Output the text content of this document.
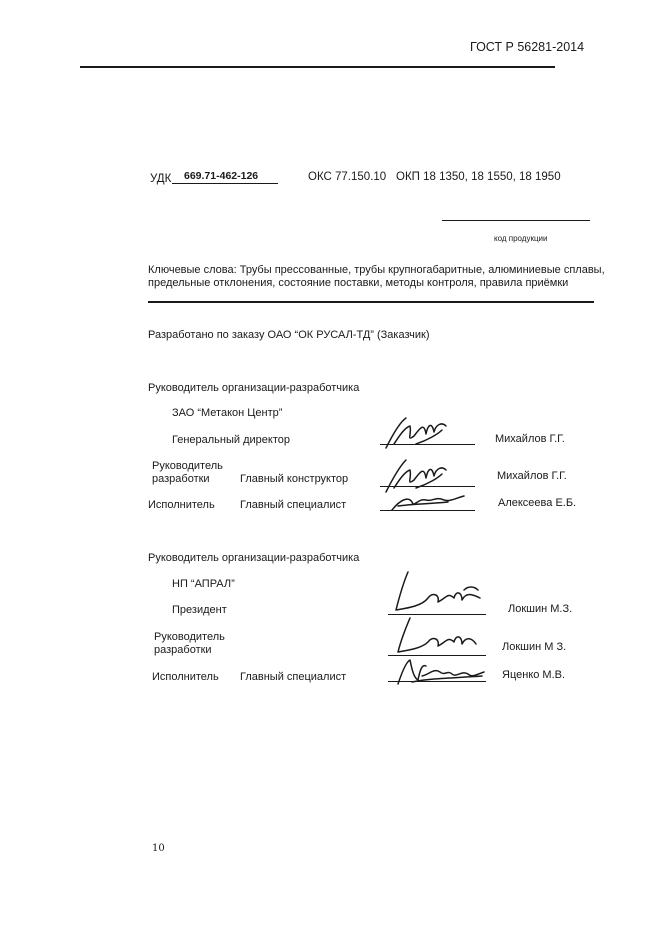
ГОСТ Р 56281-2014
УДК 669.71-462-126	ОКС 77.150.10 ОКП 18 1350, 18 1550, 18 1950
код продукции
Ключевые слова: Трубы прессованные, трубы крупногабаритные, алюминиевые сплавы,
предельные отклонения, состояние поставки, методы контроля, правила приёмки
Разработано по заказу ОАО “ОК РУСАЛ-ТД” (Заказчик)
Руководитель организации-разработчика
ЗАО “Метакон Центр”
Генеральный директор	Михайлов Г.Г.
Руководитель
разработки	Главный конструктор	Михайлов Г.Г.
Исполнитель Главный специалист	Алексеева Е.Б.
Руководитель организации-разработчика
НП “АПРАЛ”
Президент	Локшин М.З.
Руководитель
разработки	Локшин М З.
Исполнитель Главный специалист	Яценко М.В.
10
